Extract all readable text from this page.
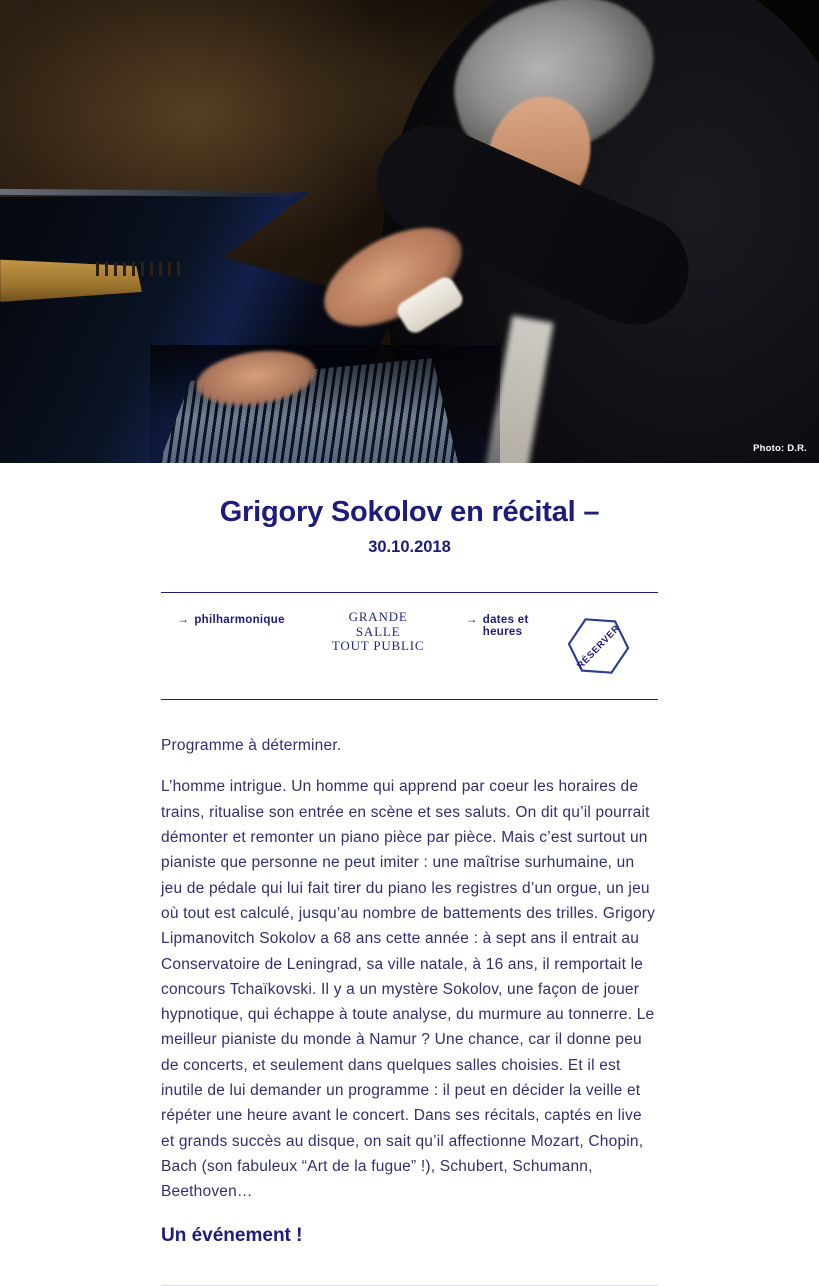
Photo: D.R.
Grigory Sokolov en récital –
30.10.2018
→ philharmonique	GRANDE SALLE
TOUT PUBLIC
→ dates et heures	RÉSERVER

Programme à déterminer.

L’homme intrigue. Un homme qui apprend par coeur les horaires de trains, ritualise son entrée en scène et ses saluts. On dit qu’il pourrait démonter et remonter un piano pièce par pièce. Mais c’est surtout un pianiste que personne ne peut imiter : une maîtrise surhumaine, un jeu de pédale qui lui fait tirer du piano les registres d’un orgue, un jeu où tout est calculé, jusqu’au nombre de battements des trilles. Grigory Lipmanovitch Sokolov a 68 ans cette année : à sept ans il entrait au Conservatoire de Leningrad, sa ville natale, à 16 ans, il remportait le concours Tchaïkovski. Il y a un mystère Sokolov, une façon de jouer hypnotique, qui échappe à toute analyse, du murmure au tonnerre. Le meilleur pianiste du monde à Namur ? Une chance, car il donne peu de concerts, et seulement dans quelques salles choisies. Et il est inutile de lui demander un programme : il peut en décider la veille et répéter une heure avant le concert. Dans ses récitals, captés en live et grands succès au disque, on sait qu’il affectionne Mozart, Chopin, Bach (son fabuleux “Art de la fugue” !), Schubert, Schumann, Beethoven…

Un événement !
